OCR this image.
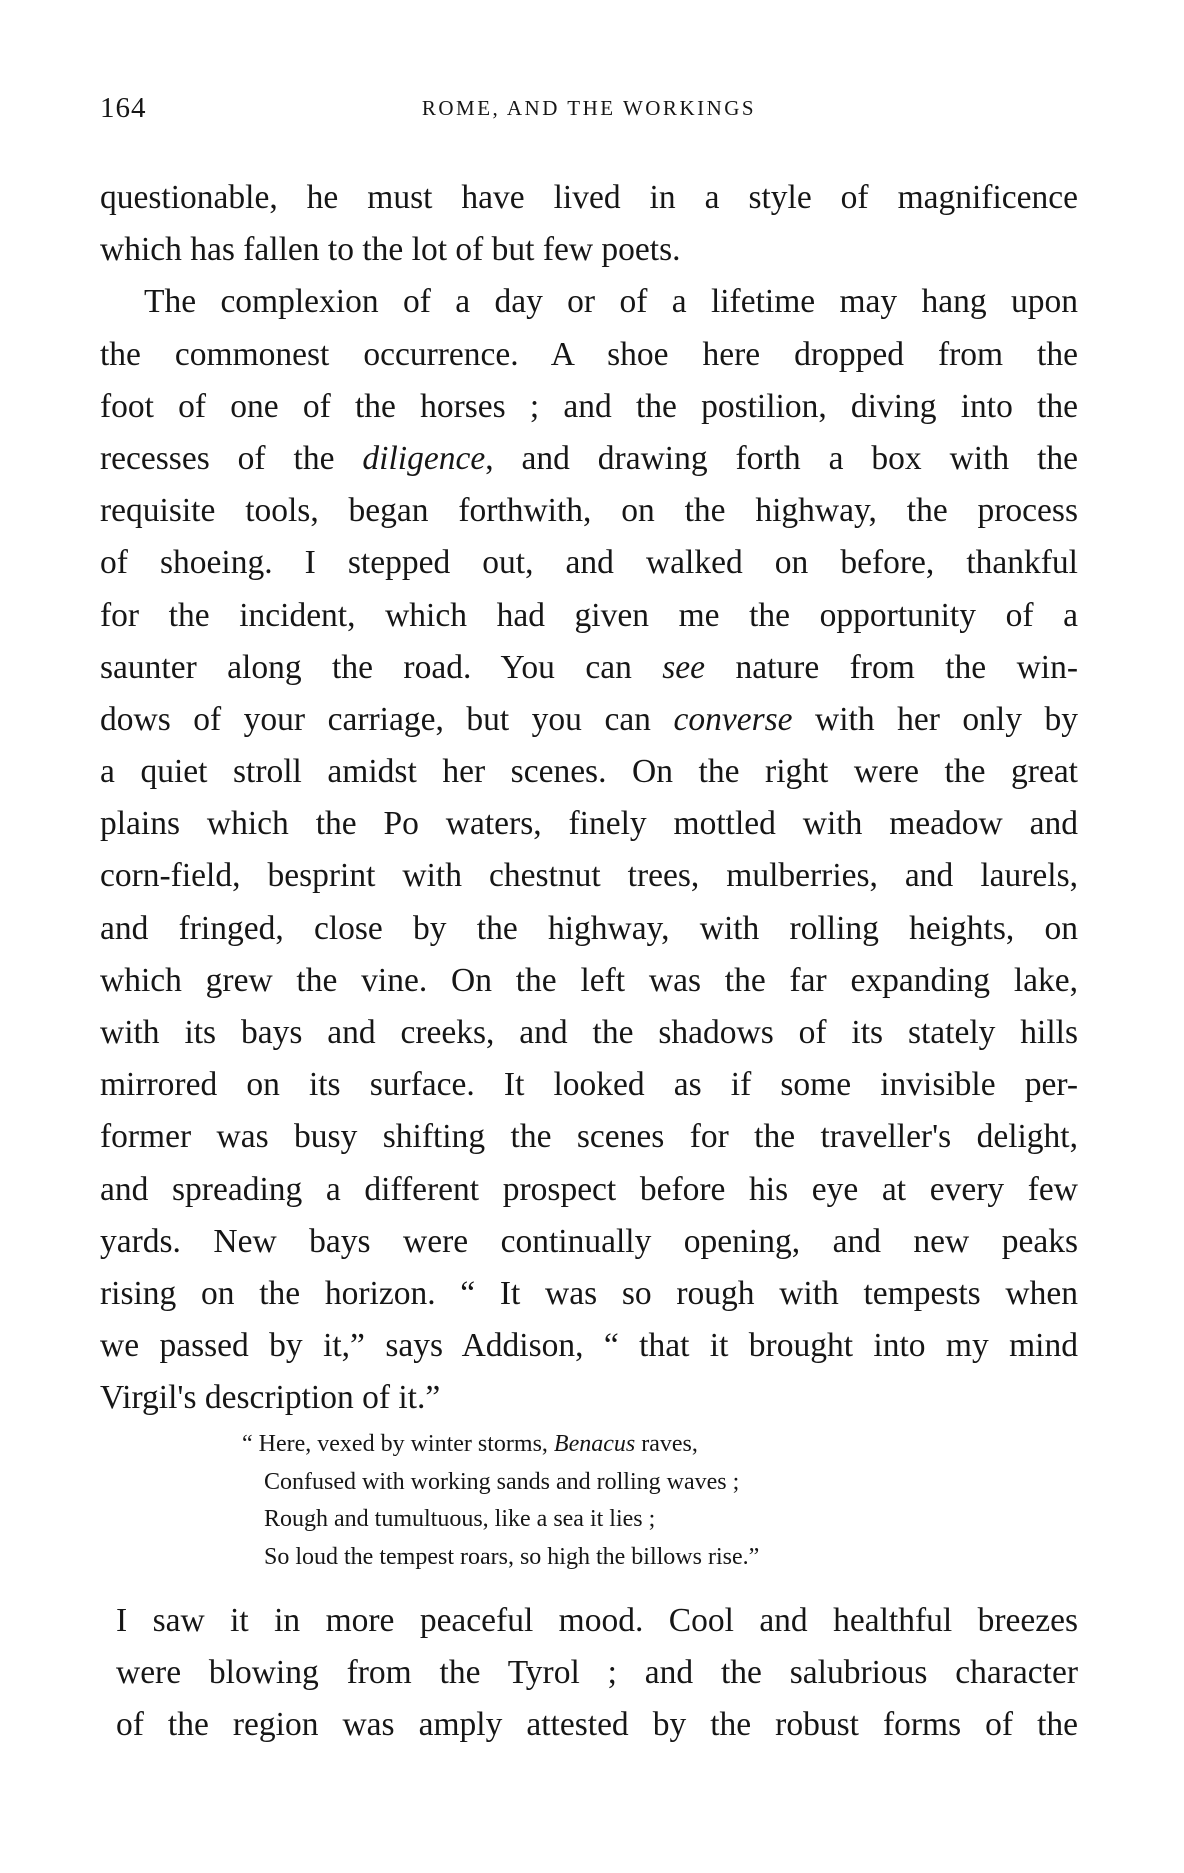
164	ROME, AND THE WORKINGS
questionable, he must have lived in a style of magnificence
which has fallen to the lot of but few poets.
The complexion of a day or of a lifetime may hang upon
the commonest occurrence. A shoe here dropped from the
foot of one of the horses ; and the postilion, diving into the
recesses of the diligence, and drawing forth a box with the
requisite tools, began forthwith, on the highway, the process
of shoeing. I stepped out, and walked on before, thankful
for the incident, which had given me the opportunity of a
saunter along the road. You can see nature from the win-
dows of your carriage, but you can converse with her only by
a quiet stroll amidst her scenes. On the right were the great
plains which the Po waters, finely mottled with meadow and
corn-field, besprint with chestnut trees, mulberries, and laurels,
and fringed, close by the highway, with rolling heights, on
which grew the vine. On the left was the far expanding lake,
with its bays and creeks, and the shadows of its stately hills
mirrored on its surface. It looked as if some invisible per-
former was busy shifting the scenes for the traveller's delight,
and spreading a different prospect before his eye at every few
yards. New bays were continually opening, and new peaks
rising on the horizon. “ It was so rough with tempests when
we passed by it,” says Addison, “ that it brought into my mind
Virgil's description of it.”
“ Here, vexed by winter storms, Benacus raves,
Confused with working sands and rolling waves ;
Rough and tumultuous, like a sea it lies ;
So loud the tempest roars, so high the billows rise.”
I saw it in more peaceful mood. Cool and healthful breezes
were blowing from the Tyrol ; and the salubrious character
of the region was amply attested by the robust forms of the
